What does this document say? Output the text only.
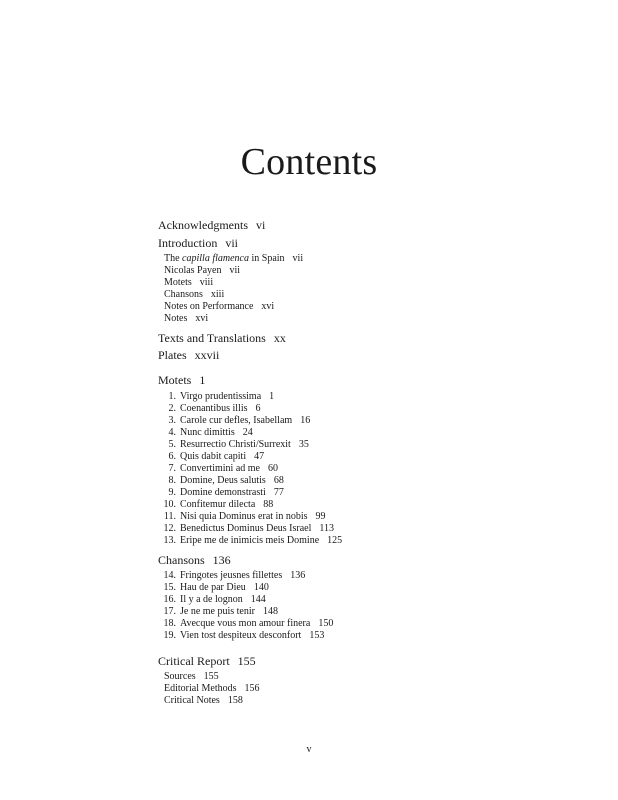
Contents
Acknowledgments vi
Introduction vii
The capilla flamenca in Spain vii
Nicolas Payen vii
Motets viii
Chansons xiii
Notes on Performance xvi
Notes xvi
Texts and Translations xx
Plates xxvii
Motets 1
1. Virgo prudentissima 1
2. Coenantibus illis 6
3. Carole cur defles, Isabellam 16
4. Nunc dimittis 24
5. Resurrectio Christi/Surrexit 35
6. Quis dabit capiti 47
7. Convertimini ad me 60
8. Domine, Deus salutis 68
9. Domine demonstrasti 77
10. Confitemur dilecta 88
11. Nisi quia Dominus erat in nobis 99
12. Benedictus Dominus Deus Israel 113
13. Eripe me de inimicis meis Domine 125
Chansons 136
14. Fringotes jeusnes fillettes 136
15. Hau de par Dieu 140
16. Il y a de lognon 144
17. Je ne me puis tenir 148
18. Avecque vous mon amour finera 150
19. Vien tost despiteux desconfort 153
Critical Report 155
Sources 155
Editorial Methods 156
Critical Notes 158
v
